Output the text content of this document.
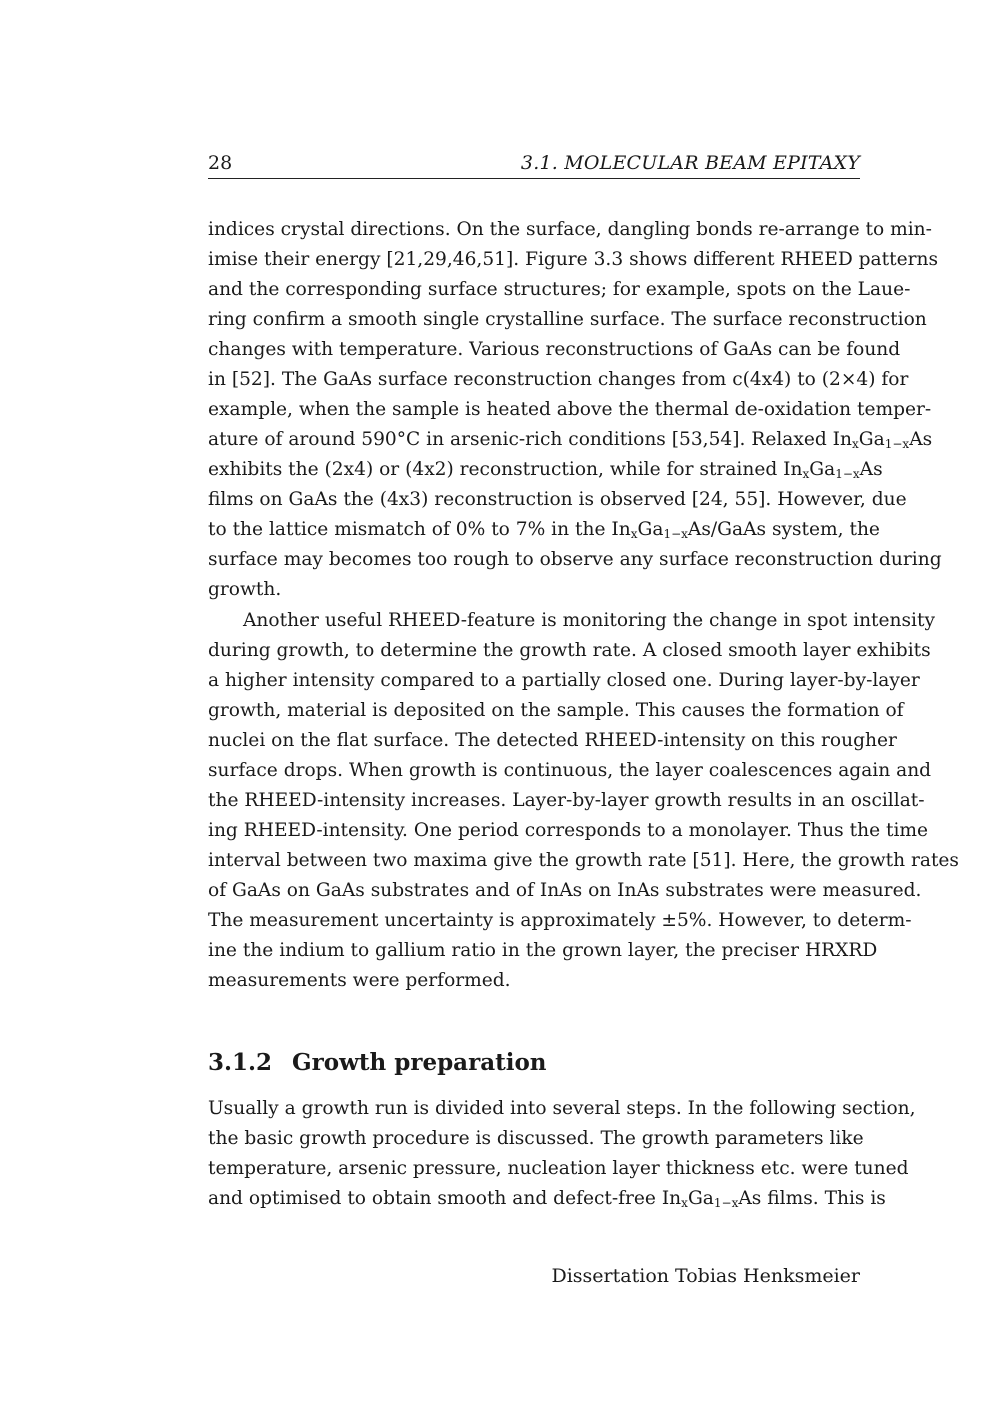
28	3.1. MOLECULAR BEAM EPITAXY
indices crystal directions. On the surface, dangling bonds re-arrange to min-
imise their energy [21,29,46,51]. Figure 3.3 shows different RHEED patterns
and the corresponding surface structures; for example, spots on the Laue-
ring confirm a smooth single crystalline surface. The surface reconstruction
changes with temperature. Various reconstructions of GaAs can be found
in [52]. The GaAs surface reconstruction changes from c(4x4) to (2×4) for
example, when the sample is heated above the thermal de-oxidation temper-
ature of around 590°C in arsenic-rich conditions [53,54]. Relaxed $In_xGa_{1-x}As$
exhibits the (2x4) or (4x2) reconstruction, while for strained $In_xGa_{1-x}As$
films on GaAs the (4x3) reconstruction is observed [24, 55]. However, due
to the lattice mismatch of 0% to 7% in the $In_xGa_{1-x}As$/GaAs system, the
surface may becomes too rough to observe any surface reconstruction during
growth.
Another useful RHEED-feature is monitoring the change in spot intensity
during growth, to determine the growth rate. A closed smooth layer exhibits
a higher intensity compared to a partially closed one. During layer-by-layer
growth, material is deposited on the sample. This causes the formation of
nuclei on the flat surface. The detected RHEED-intensity on this rougher
surface drops. When growth is continuous, the layer coalescences again and
the RHEED-intensity increases. Layer-by-layer growth results in an oscillat-
ing RHEED-intensity. One period corresponds to a monolayer. Thus the time
interval between two maxima give the growth rate [51]. Here, the growth rates
of GaAs on GaAs substrates and of InAs on InAs substrates were measured.
The measurement uncertainty is approximately ±5%. However, to determ-
ine the indium to gallium ratio in the grown layer, the preciser HRXRD
measurements were performed.
3.1.2 Growth preparation
Usually a growth run is divided into several steps. In the following section,
the basic growth procedure is discussed. The growth parameters like
temperature, arsenic pressure, nucleation layer thickness etc. were tuned
and optimised to obtain smooth and defect-free $In_xGa_{1-x}As$ films. This is
Dissertation Tobias Henksmeier
